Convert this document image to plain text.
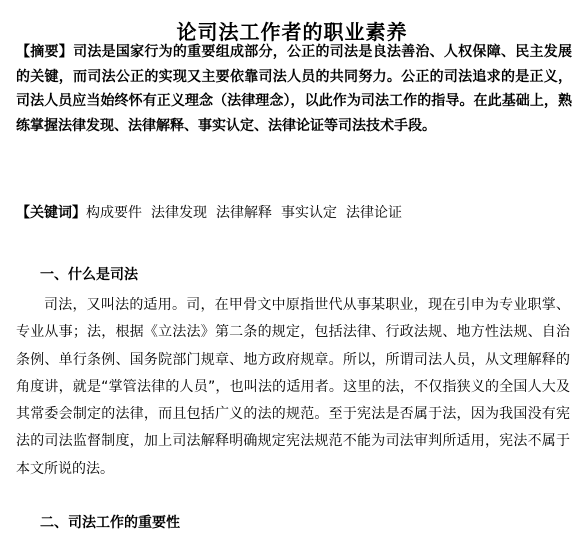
论司法工作者的职业素养

【摘要】司法是国家行为的重要组成部分，公正的司法是良法善治、人权保障、民主发展的关键，而司法公正的实现又主要依靠司法人员的共同努力。公正的司法追求的是正义，司法人员应当始终怀有正义理念（法律理念），以此作为司法工作的指导。在此基础上，熟练掌握法律发现、法律解释、事实认定、法律论证等司法技术手段。

【关键词】构成要件 法律发现 法律解释 事实认定 法律论证

一、什么是司法

司法，又叫法的适用。司，在甲骨文中原指世代从事某职业，现在引申为专业职掌、专业从事；法，根据《立法法》第二条的规定，包括法律、行政法规、地方性法规、自治条例、单行条例、国务院部门规章、地方政府规章。所以，所谓司法人员，从文理解释的角度讲，就是“掌管法律的人员”，也叫法的适用者。这里的法，不仅指狭义的全国人大及其常委会制定的法律，而且包括广义的法的规范。至于宪法是否属于法，因为我国没有宪法的司法监督制度，加上司法解释明确规定宪法规范不能为司法审判所适用，宪法不属于本文所说的法。

二、司法工作的重要性
